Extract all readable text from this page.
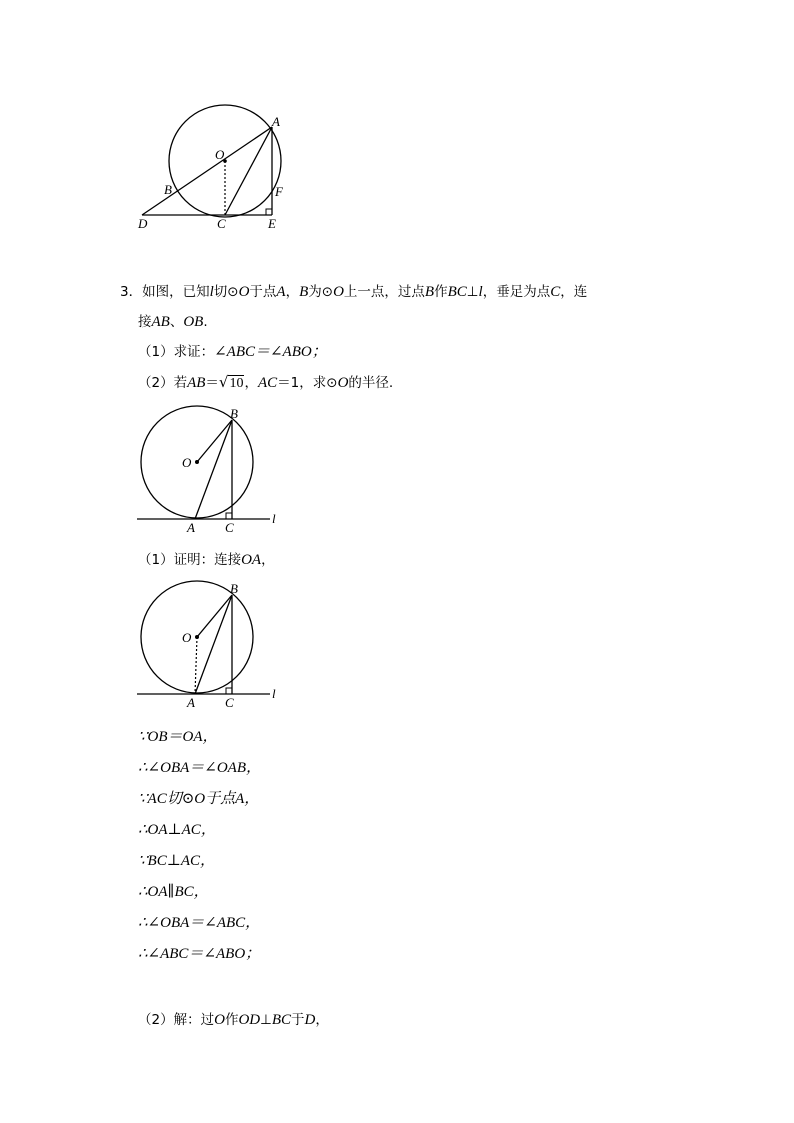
A
O
B	F
D	C	E
3．如图，已知l切⊙O于点A，B为⊙O上一点，过点B作BC⊥l，垂足为点C，连
接AB、OB.
（1）求证：∠ABC＝∠ABO；
（2）若AB＝√10，AC＝1，求⊙O的半径.
B
O
A C
l
（1）证明：连接OA，
B
O
A C
l
∵OB＝OA，
∴∠OBA＝∠OAB，
∵AC切⊙O于点A，
∴OA⊥AC，
∵BC⊥AC，
∴OA∥BC，
∴∠OBA＝∠ABC，
∴∠ABC＝∠ABO；
（2）解：过O作OD⊥BC于D，
